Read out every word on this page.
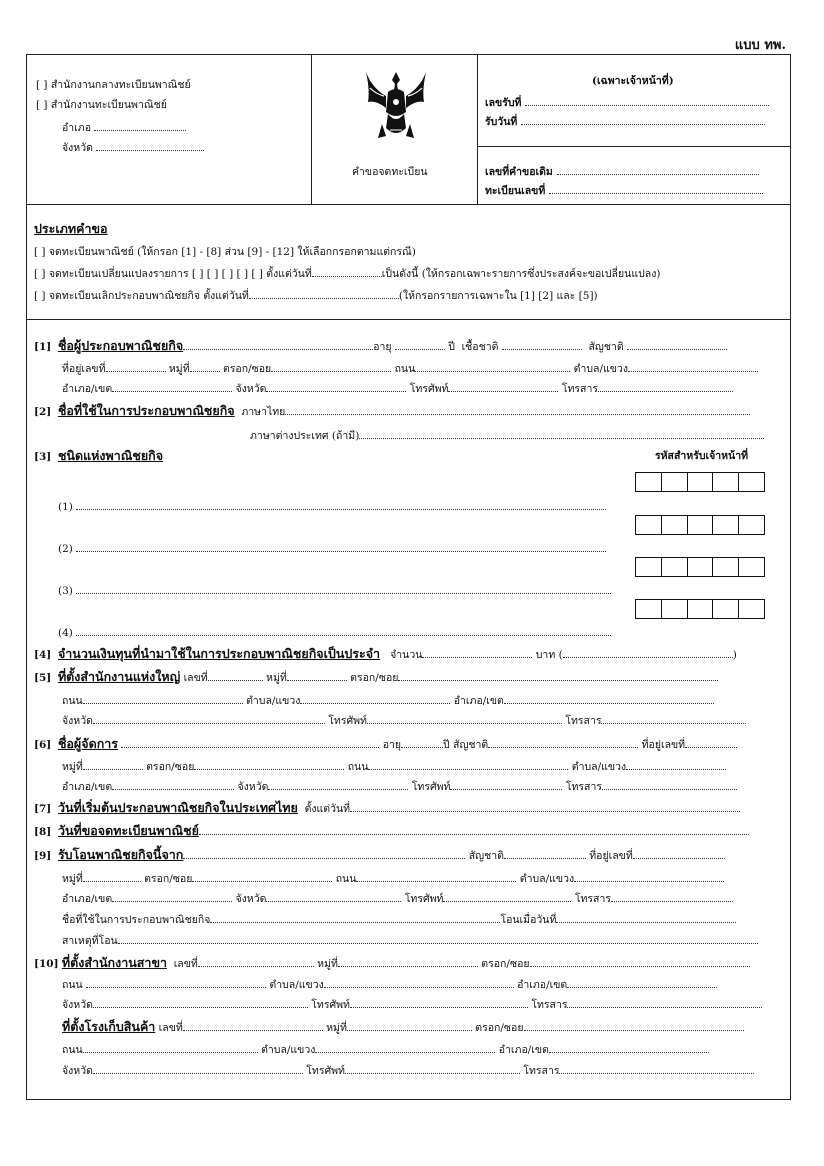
แบบ ทพ.
[ ] สำนักงานกลางทะเบียนพาณิชย์
[ ] สำนักงานทะเบียนพาณิชย์
อำเภอ
จังหวัด
คำขอจดทะเบียน
(เฉพาะเจ้าหน้าที่)
เลขรับที่
รับวันที่
เลขที่คำขอเดิม
ทะเบียนเลขที่
ประเภทคำขอ
[ ] จดทะเบียนพาณิชย์ (ให้กรอก [1] - [8] ส่วน [9] - [12] ให้เลือกกรอกตามแต่กรณี)
[ ] จดทะเบียนเปลี่ยนแปลงรายการ [ ] [ ] [ ] [ ] [ ] ตั้งแต่วันที่	เป็นดังนี้ (ให้กรอกเฉพาะรายการซึ่งประสงค์จะขอเปลี่ยนแปลง)
[ ] จดทะเบียนเลิกประกอบพาณิชยกิจ ตั้งแต่วันที่	(ให้กรอกรายการเฉพาะใน [1] [2] และ [5])
[1] ชื่อผู้ประกอบพาณิชยกิจ	อายุ	ปี เชื้อชาติ	สัญชาติ
ที่อยู่เลขที่	หมู่ที่	ตรอก/ซอย	ถนน	ตำบล/แขวง
อำเภอ/เขต	จังหวัด	โทรศัพท์	โทรสาร
[2] ชื่อที่ใช้ในการประกอบพาณิชยกิจ ภาษาไทย
ภาษาต่างประเทศ (ถ้ามี)
[3] ชนิดแห่งพาณิชยกิจ	รหัสสำหรับเจ้าหน้าที่
(1)
(2)
(3)
(4)
[4] จำนวนเงินทุนที่นำมาใช้ในการประกอบพาณิชยกิจเป็นประจำ จำนวน	บาท (	)
[5] ที่ตั้งสำนักงานแห่งใหญ่ เลขที่	หมู่ที่	ตรอก/ซอย
ถนน	ตำบล/แขวง	อำเภอ/เขต
จังหวัด	โทรศัพท์	โทรสาร
[6] ชื่อผู้จัดการ	อายุ	ปี สัญชาติ	ที่อยู่เลขที่
หมู่ที่	ตรอก/ซอย	ถนน	ตำบล/แขวง
อำเภอ/เขต	จังหวัด	โทรศัพท์	โทรสาร
[7] วันที่เริ่มต้นประกอบพาณิชยกิจในประเทศไทย ตั้งแต่วันที่
[8] วันที่ขอจดทะเบียนพาณิชย์
[9] รับโอนพาณิชยกิจนี้จาก	สัญชาติ	ที่อยู่เลขที่
หมู่ที่	ตรอก/ซอย	ถนน	ตำบล/แขวง
อำเภอ/เขต	จังหวัด	โทรศัพท์	โทรสาร
ชื่อที่ใช้ในการประกอบพาณิชยกิจ	โอนเมื่อวันที่
สาเหตุที่โอน
[10] ที่ตั้งสำนักงานสาขา เลขที่	หมู่ที่	ตรอก/ซอย
ถนน	ตำบล/แขวง	อำเภอ/เขต
จังหวัด	โทรศัพท์	โทรสาร
ที่ตั้งโรงเก็บสินค้า เลขที่	หมู่ที่	ตรอก/ซอย
ถนน	ตำบล/แขวง	อำเภอ/เขต
จังหวัด	โทรศัพท์	โทรสาร
